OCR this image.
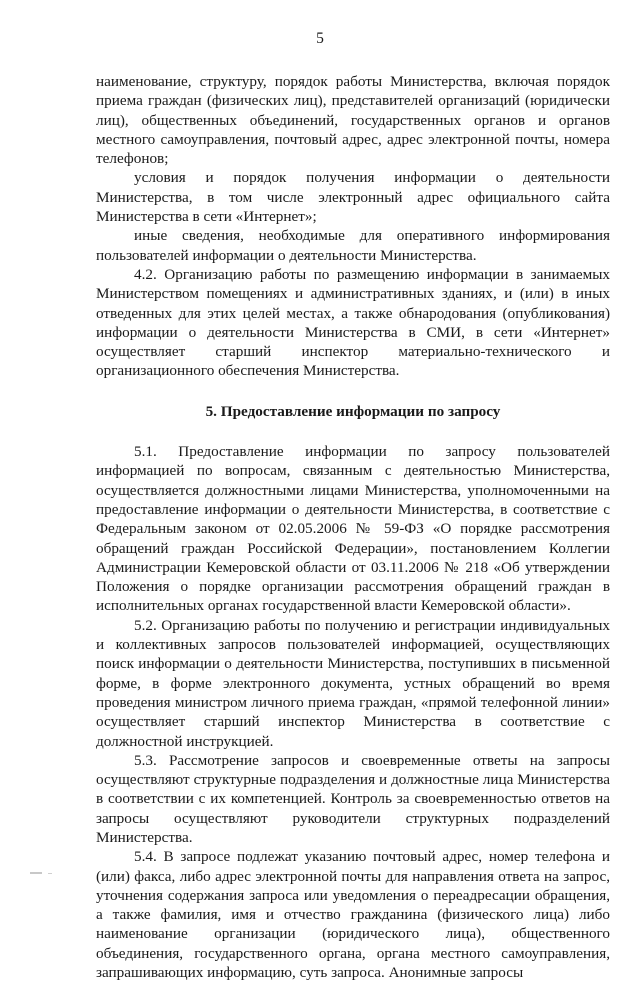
5

наименование, структуру, порядок работы Министерства, включая порядок приема граждан (физических лиц), представителей организаций (юридически лиц), общественных объединений, государственных органов и органов местного самоуправления, почтовый адрес, адрес электронной почты, номера телефонов;

условия и порядок получения информации о деятельности Министерства, в том числе электронный адрес официального сайта Министерства в сети «Интернет»;

иные сведения, необходимые для оперативного информирования пользователей информации о деятельности Министерства.

4.2. Организацию работы по размещению информации в занимаемых Министерством помещениях и административных зданиях, и (или) в иных отведенных для этих целей местах, а также обнародования (опубликования) информации о деятельности Министерства в СМИ, в сети «Интернет» осуществляет старший инспектор материально-технического и организационного обеспечения Министерства.

5. Предоставление информации по запросу

5.1. Предоставление информации по запросу пользователей информацией по вопросам, связанным с деятельностью Министерства, осуществляется должностными лицами Министерства, уполномоченными на предоставление информации о деятельности Министерства, в соответствие с Федеральным законом от 02.05.2006 № 59-ФЗ «О порядке рассмотрения обращений граждан Российской Федерации», постановлением Коллегии Администрации Кемеровской области от 03.11.2006 № 218 «Об утверждении Положения о порядке организации рассмотрения обращений граждан в исполнительных органах государственной власти Кемеровской области».

5.2. Организацию работы по получению и регистрации индивидуальных и коллективных запросов пользователей информацией, осуществляющих поиск информации о деятельности Министерства, поступивших в письменной форме, в форме электронного документа, устных обращений во время проведения министром личного приема граждан, «прямой телефонной линии» осуществляет старший инспектор Министерства в соответствие с должностной инструкцией.

5.3. Рассмотрение запросов и своевременные ответы на запросы осуществляют структурные подразделения и должностные лица Министерства в соответствии с их компетенцией. Контроль за своевременностью ответов на запросы осуществляют руководители структурных подразделений Министерства.

5.4. В запросе подлежат указанию почтовый адрес, номер телефона и (или) факса, либо адрес электронной почты для направления ответа на запрос, уточнения содержания запроса или уведомления о переадресации обращения, а также фамилия, имя и отчество гражданина (физического лица) либо наименование организации (юридического лица), общественного объединения, государственного органа, органа местного самоуправления, запрашивающих информацию, суть запроса. Анонимные запросы
